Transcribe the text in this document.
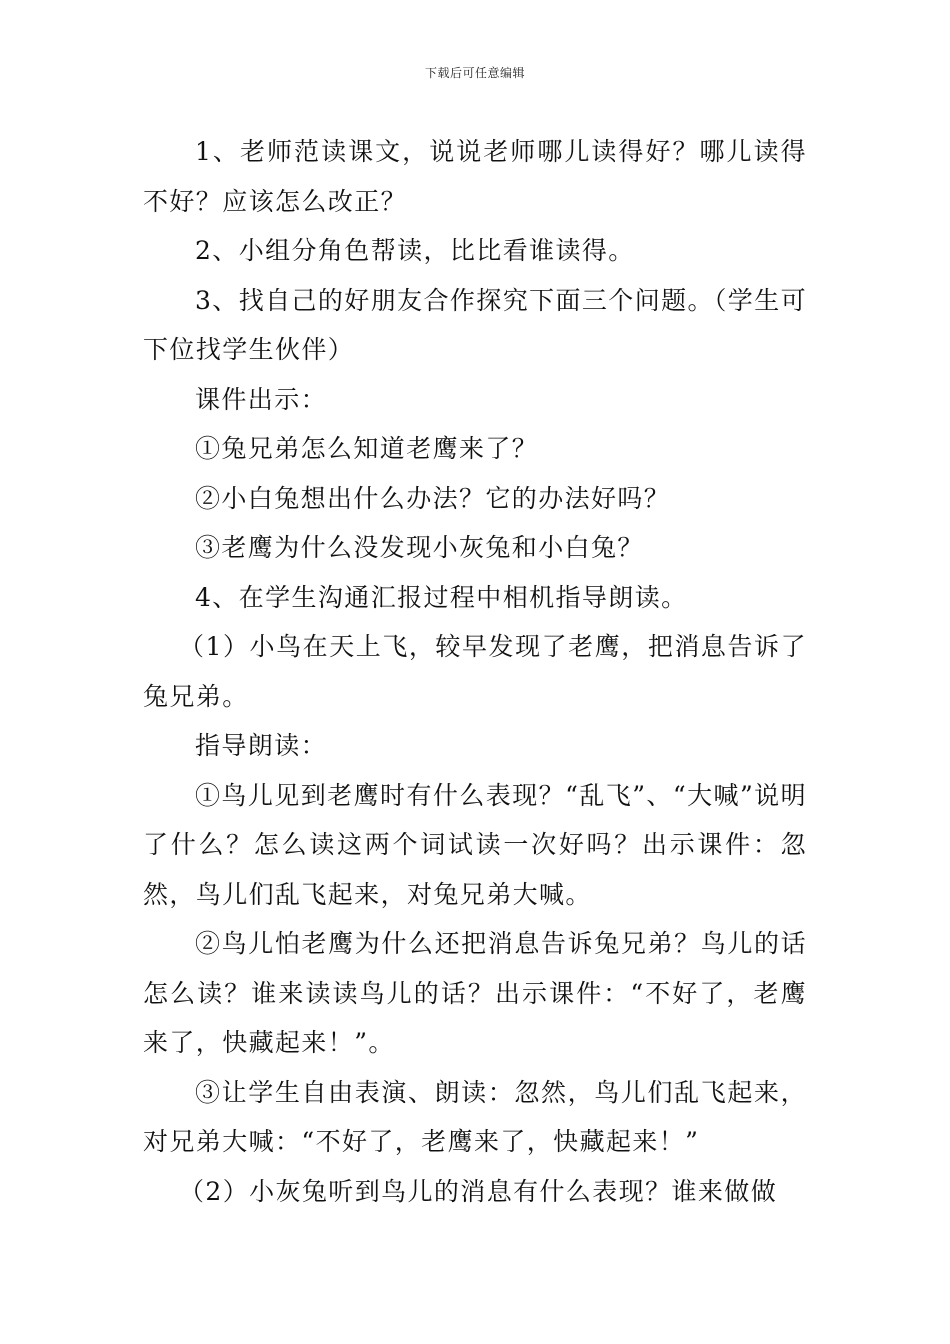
下载后可任意编辑

1、老师范读课文，说说老师哪儿读得好？哪儿读得不好？应该怎么改正？

2、小组分角色帮读，比比看谁读得。

3、找自己的好朋友合作探究下面三个问题。（学生可下位找学生伙伴）

课件出示：

①兔兄弟怎么知道老鹰来了？

②小白兔想出什么办法？它的办法好吗？

③老鹰为什么没发现小灰兔和小白兔？

4、在学生沟通汇报过程中相机指导朗读。

（1）小鸟在天上飞，较早发现了老鹰，把消息告诉了兔兄弟。

指导朗读：

①鸟儿见到老鹰时有什么表现？“乱飞”、“大喊”说明了什么？怎么读这两个词试读一次好吗？出示课件：忽然，鸟儿们乱飞起来，对兔兄弟大喊。

②鸟儿怕老鹰为什么还把消息告诉兔兄弟？鸟儿的话怎么读？谁来读读鸟儿的话？出示课件：“不好了，老鹰来了，快藏起来！”。

③让学生自由表演、朗读：忽然，鸟儿们乱飞起来，对兄弟大喊：“不好了，老鹰来了，快藏起来！”

（2）小灰兔听到鸟儿的消息有什么表现？谁来做做
